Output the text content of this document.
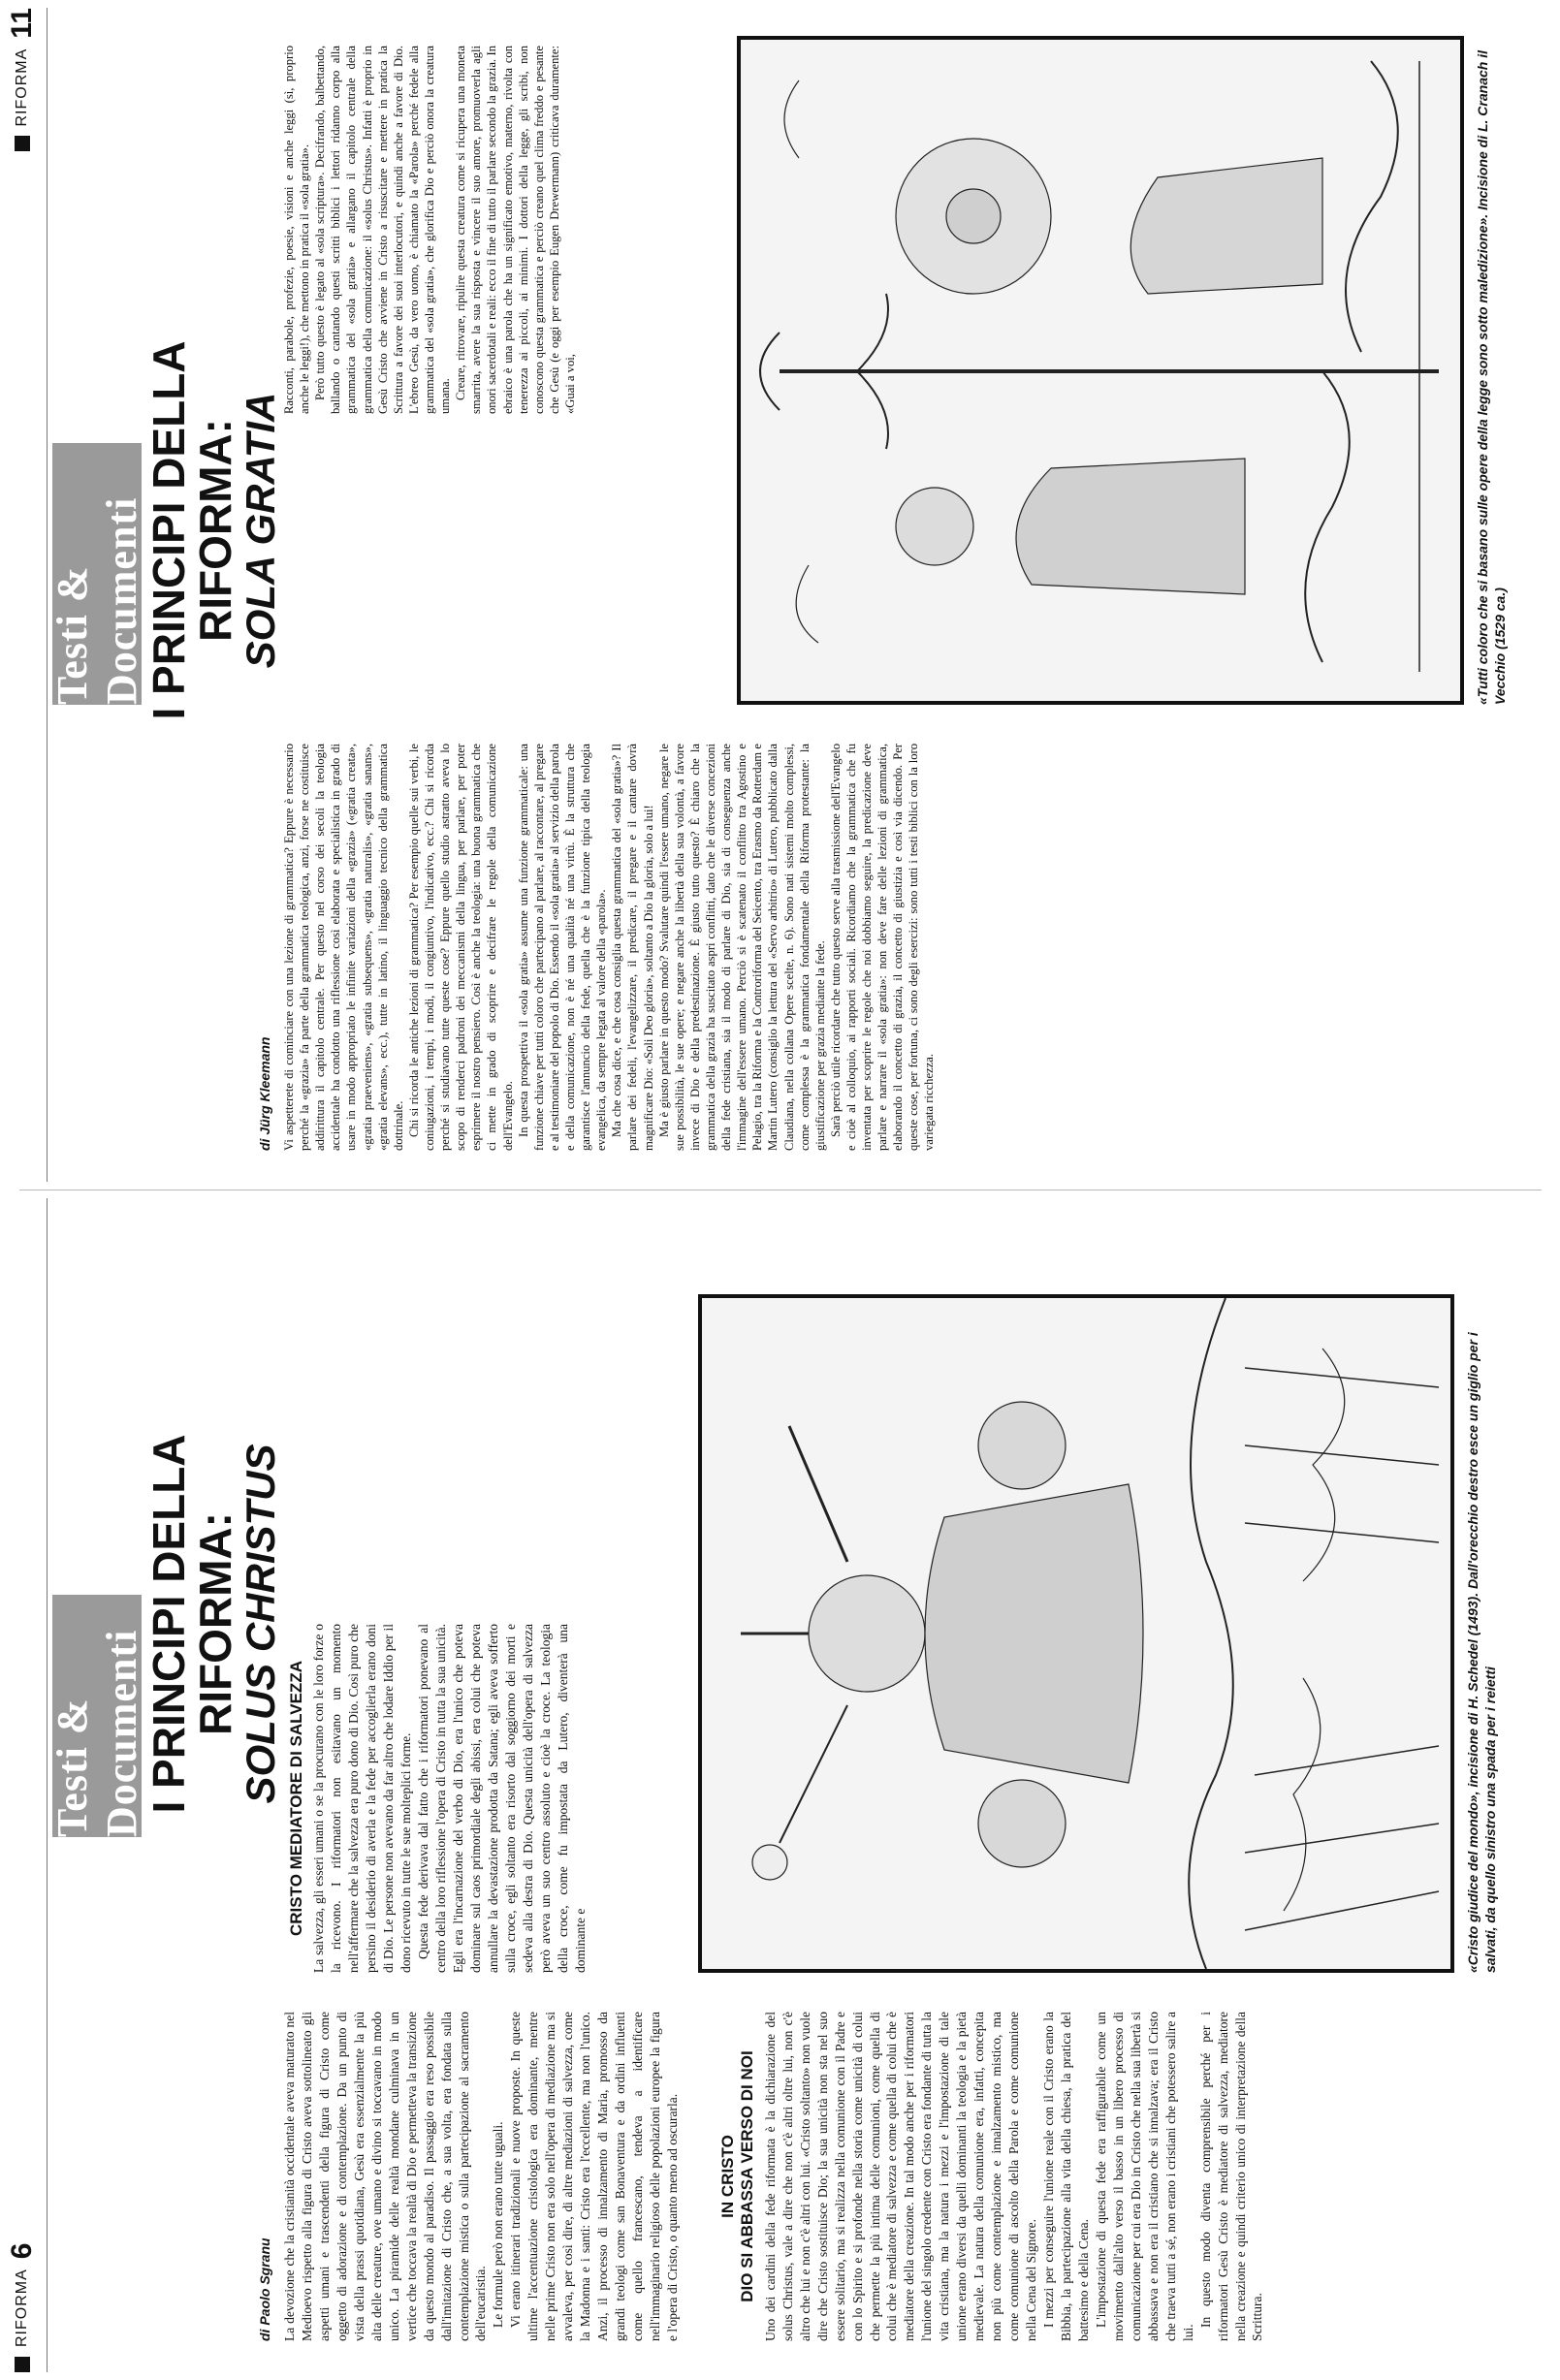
RIFORMA
6
Testi & Documenti
I PRINCIPI DELLA RIFORMA:
SOLUS CHRISTUS
di Paolo Sgranu La devozione che la cristianità occidentale aveva maturato nel Medioevo rispetto alla figura di Cristo aveva sottolineato gli aspetti umani e trascendenti della figura di Cristo come oggetto di adorazione e di contemplazione. Da un punto di vista della prassi quotidiana, Gesù era essenzialmente la più alta delle creature, ove umano e divino si toccavano in modo unico. La piramide delle realtà mondane culminava in un vertice che toccava la realtà di Dio e permetteva la transizione da questo mondo al paradiso. Il passaggio era reso possibile dall'imitazione di Cristo che, a sua volta, era fondata sulla contemplazione mistica o sulla partecipazione al sacramento dell'eucaristia. Le formule però non erano tutte uguali. Vi erano itinerari tradizionali e nuove proposte. In queste ultime l'accentuazione cristologica era dominante, mentre nelle prime Cristo non era solo nell'opera di mediazione ma si avvaleva, per così dire, di altre mediazioni di salvezza, come la Madonna e i santi: Cristo era l'eccellente, ma non l'unico. Anzi, il processo di innalzamento di Maria, promosso da grandi teologi come san Bonaventura e da ordini influenti come quello francescano, tendeva a identificare nell'immaginario religioso delle popolazioni europee la figura e l'opera di Cristo, o quanto meno ad oscurarla. IN CRISTO
DIO SI ABBASSA VERSO DI NOI Uno dei cardini della fede riformata è la dichiarazione del solus Christus, vale a dire che non c'è altri oltre lui, non c'è altro che lui e non c'è altri con lui. «Cristo soltanto» non vuole dire che Cristo sostituisce Dio; la sua unicità non sta nel suo essere solitario, ma si realizza nella comunione con il Padre e con lo Spirito e si profonde nella storia come unicità di colui che permette la più intima delle comunioni, come quella di colui che è mediatore di salvezza e come quella di colui che è mediatore della creazione. In tal modo anche per i riformatori l'unione del singolo credente con Cristo era fondante di tutta la vita cristiana, ma la natura i mezzi e l'impostazione di tale unione erano diversi da quelli dominanti la teologia e la pietà medievale. La natura della comunione era, infatti, concepita non più come contemplazione e innalzamento mistico, ma come comunione di ascolto della Parola e come comunione nella Cena del Signore. I mezzi per conseguire l'unione reale con il Cristo erano la Bibbia, la partecipazione alla vita della chiesa, la pratica del battesimo e della Cena. L'impostazione di questa fede era raffigurabile come un movimento dall'alto verso il basso in un libero processo di comunicazione per cui era Dio in Cristo che nella sua libertà si abbassava e non era il cristiano che si innalzava; era il Cristo che traeva tutti a sé, non erano i cristiani che potessero salire a lui.

In questo modo diventa comprensibile perché per i riformatori Gesù Cristo è mediatore di salvezza, mediatore nella creazione e quindi criterio unico di interpretazione della Scrittura.

CRISTO MEDIATORE DI SALVEZZA La salvezza, gli esseri umani o se la procurano con le loro forze o la ricevono. I riformatori non esitavano un momento nell'affermare che la salvezza era puro dono di Dio. Così puro che persino il desiderio di averla e la fede per accoglierla erano doni di Dio. Le persone non avevano da far altro che lodare Iddio per il dono ricevuto in tutte le sue molteplici forme. Questa fede derivava dal fatto che i riformatori ponevano al centro della loro riflessione l'opera di Cristo in tutta la sua unicità. Egli era l'incarnazione del verbo di Dio, era l'unico che poteva dominare sul caos primordiale degli abissi, era colui che poteva annullare la devastazione prodotta da Satana; egli aveva sofferto sulla croce, egli soltanto era risorto dal soggiorno dei morti e sedeva alla destra di Dio. Questa unicità dell'opera di salvezza però aveva un suo centro assoluto e cioè la croce. La teologia della croce, come fu impostata da Lutero, diventerà una dominante e	«Cristo giudice del mondo», incisione di H. Schedel (1493). Dall'orecchio destro esce un giglio per i salvati, da quello sinistro una spada per i reietti
RIFORMA
11
Testi & Documenti
I PRINCIPI DELLA RIFORMA:
SOLA GRATIA
di Jürg Kleemann Vi aspetterete di cominciare con una lezione di grammatica? Eppure è necessario perché la «grazia» fa parte della grammatica teologica, anzi, forse ne costituisce addirittura il capitolo centrale. Per questo nel corso dei secoli la teologia accidentale ha condotto una riflessione così elaborata e specialistica in grado di usare in modo appropriato le infinite variazioni della «grazia» («gratia creata», «gratia praeveniens», «gratia subsequens», «gratia naturalis», «gratia sanans», «gratia elevans», ecc.), tutte in latino, il linguaggio tecnico della grammatica dottrinale. Chi si ricorda le antiche lezioni di grammatica? Per esempio quelle sui verbi, le coniugazioni, i tempi, i modi, il congiuntivo, l'indicativo, ecc.? Chi si ricorda perché si studiavano tutte queste cose? Eppure quello studio astratto aveva lo scopo di renderci padroni dei meccanismi della lingua, per parlare, per poter esprimere il nostro pensiero. Così è anche la teologia: una buona grammatica che ci mette in grado di scoprire e decifrare le regole della comunicazione dell'Evangelo. In questa prospettiva il «sola gratia» assume una funzione grammaticale: una funzione chiave per tutti coloro che partecipano al parlare, al raccontare, al pregare e al testimoniare del popolo di Dio. Essendo il «sola gratia» al servizio della parola e della comunicazione, non è né una qualità né una virtù. È la struttura che garantisce l'annuncio della fede, quella che è la funzione tipica della teologia evangelica, da sempre legata al valore della «parola». Ma che cosa dice, e che cosa consiglia questa grammatica del «sola gratia»? Il parlare dei fedeli, l'evangelizzare, il predicare, il pregare e il cantare dovrà magnificare Dio: «Soli Deo gloria», soltanto a Dio la gloria, solo a lui! Ma è giusto parlare in questo modo? Svalutare quindi l'essere umano, negare le sue possibilità, le sue opere; e negare anche la libertà della sua volontà, a favore invece di Dio e della predestinazione. È giusto tutto questo? È chiaro che la grammatica della grazia ha suscitato aspri conflitti, dato che le diverse concezioni della fede cristiana, sia il modo di parlare di Dio, sia di conseguenza anche l'immagine dell'essere umano. Perciò si è scatenato il conflitto tra Agostino e Pelagio, tra la Riforma e la Controriforma del Seicento, tra Erasmo da Rotterdam e Martin Lutero (consiglio la lettura del «Servo arbitrio» di Lutero, pubblicato dalla Claudiana, nella collana Opere scelte, n. 6). Sono nati sistemi molto complessi, come complessa è la grammatica fondamentale della Riforma protestante: la giustificazione per grazia mediante la fede. Sarà perciò utile ricordare che tutto questo serve alla trasmissione dell'Evangelo e cioè al colloquio, ai rapporti sociali. Ricordiamo che la grammatica che fu inventata per scoprire le regole che noi dobbiamo seguire, la predicazione deve parlare e narrare il «sola gratia»: non deve fare delle lezioni di grammatica, elaborando il concetto di grazia, il concetto di giustizia e così via dicendo. Per queste cose, per fortuna, ci sono degli esercizi: sono tutti i testi biblici con la loro variegata ricchezza.

Racconti, parabole, profezie, poesie, visioni e anche leggi (sì, proprio anche le leggi!), che mettono in pratica il «sola gratia». Però tutto questo è legato al «sola scriptura». Decifrando, balbettando, ballando o cantando questi scritti biblici i lettori ridanno corpo alla grammatica del «sola gratia» e allargano il capitolo centrale della grammatica della comunicazione: il «solus Christus». Infatti è proprio in Gesù Cristo che avviene in Cristo a risuscitare e mettere in pratica la Scrittura a favore dei suoi interlocutori, e quindi anche a favore di Dio. L'ebreo Gesù, da vero uomo, è chiamato la «Parola» perché fedele alla grammatica del «sola gratia», che glorifica Dio e perciò onora la creatura umana. Creare, ritrovare, ripulire questa creatura come si ricupera una moneta smarrita, avere la sua risposta e vincere il suo amore, promuoverla agli onori sacerdotali e reali: ecco il fine di tutto il parlare secondo la grazia. In ebraico è una parola che ha un significato emotivo, materno, rivolta con tenerezza ai piccoli, ai minimi. I dottori della legge, gli scribi, non conoscono questa grammatica e perciò creano quel clima freddo e pesante che Gesù (e oggi per esempio Eugen Drewermann) criticava duramente: «Guai a voi,	«Tutti coloro che si basano sulle opere della legge sono sotto maledizione». Incisione di L. Cranach il Vecchio (1529 ca.)
